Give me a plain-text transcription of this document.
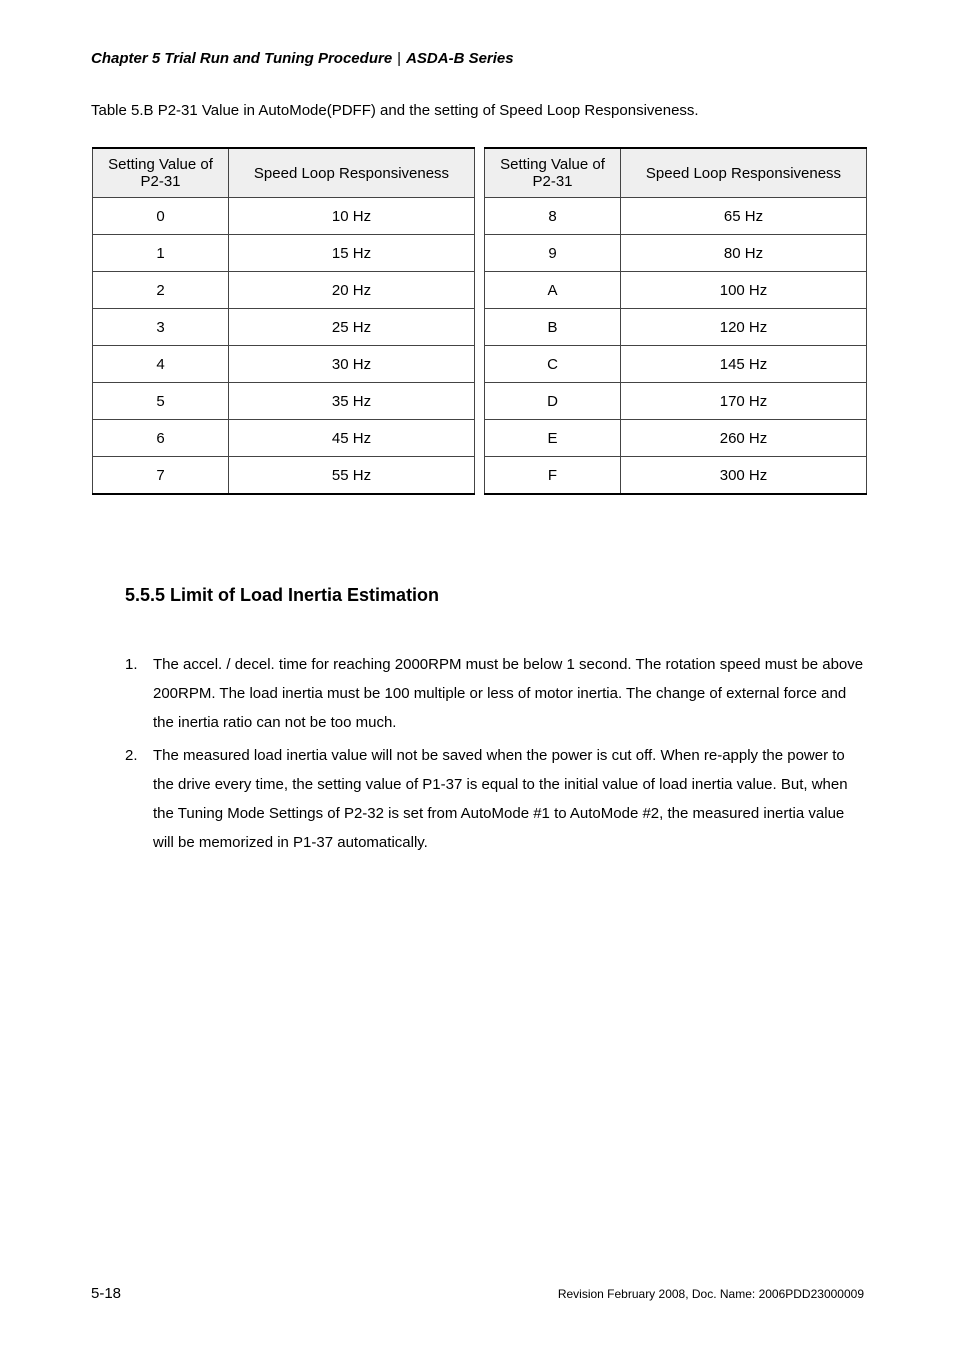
Chapter 5 Trial Run and Tuning Procedure | ASDA-B Series
Table 5.B P2-31 Value in AutoMode(PDFF) and the setting of Speed Loop Responsiveness.
Setting Value of
P2-31	Speed Loop Responsiveness
0	10 Hz
1	15 Hz
2	20 Hz
3	25 Hz
4	30 Hz
5	35 Hz
6	45 Hz
7	55 Hz
Setting Value of
P2-31	Speed Loop Responsiveness
8	65 Hz
9	80 Hz
A	100 Hz
B	120 Hz
C	145 Hz
D	170 Hz
E	260 Hz
F	300 Hz
5.5.5 Limit of Load Inertia Estimation
1. The accel. / decel. time for reaching 2000RPM must be below 1 second. The rotation speed must be above 200RPM. The load inertia must be 100 multiple or less of motor inertia. The change of external force and the inertia ratio can not be too much.
2. The measured load inertia value will not be saved when the power is cut off. When re-apply the power to the drive every time, the setting value of P1-37 is equal to the initial value of load inertia value. But, when the Tuning Mode Settings of P2-32 is set from AutoMode #1 to AutoMode #2, the measured inertia value will be memorized in P1-37 automatically.
5-18	Revision February 2008, Doc. Name: 2006PDD23000009
